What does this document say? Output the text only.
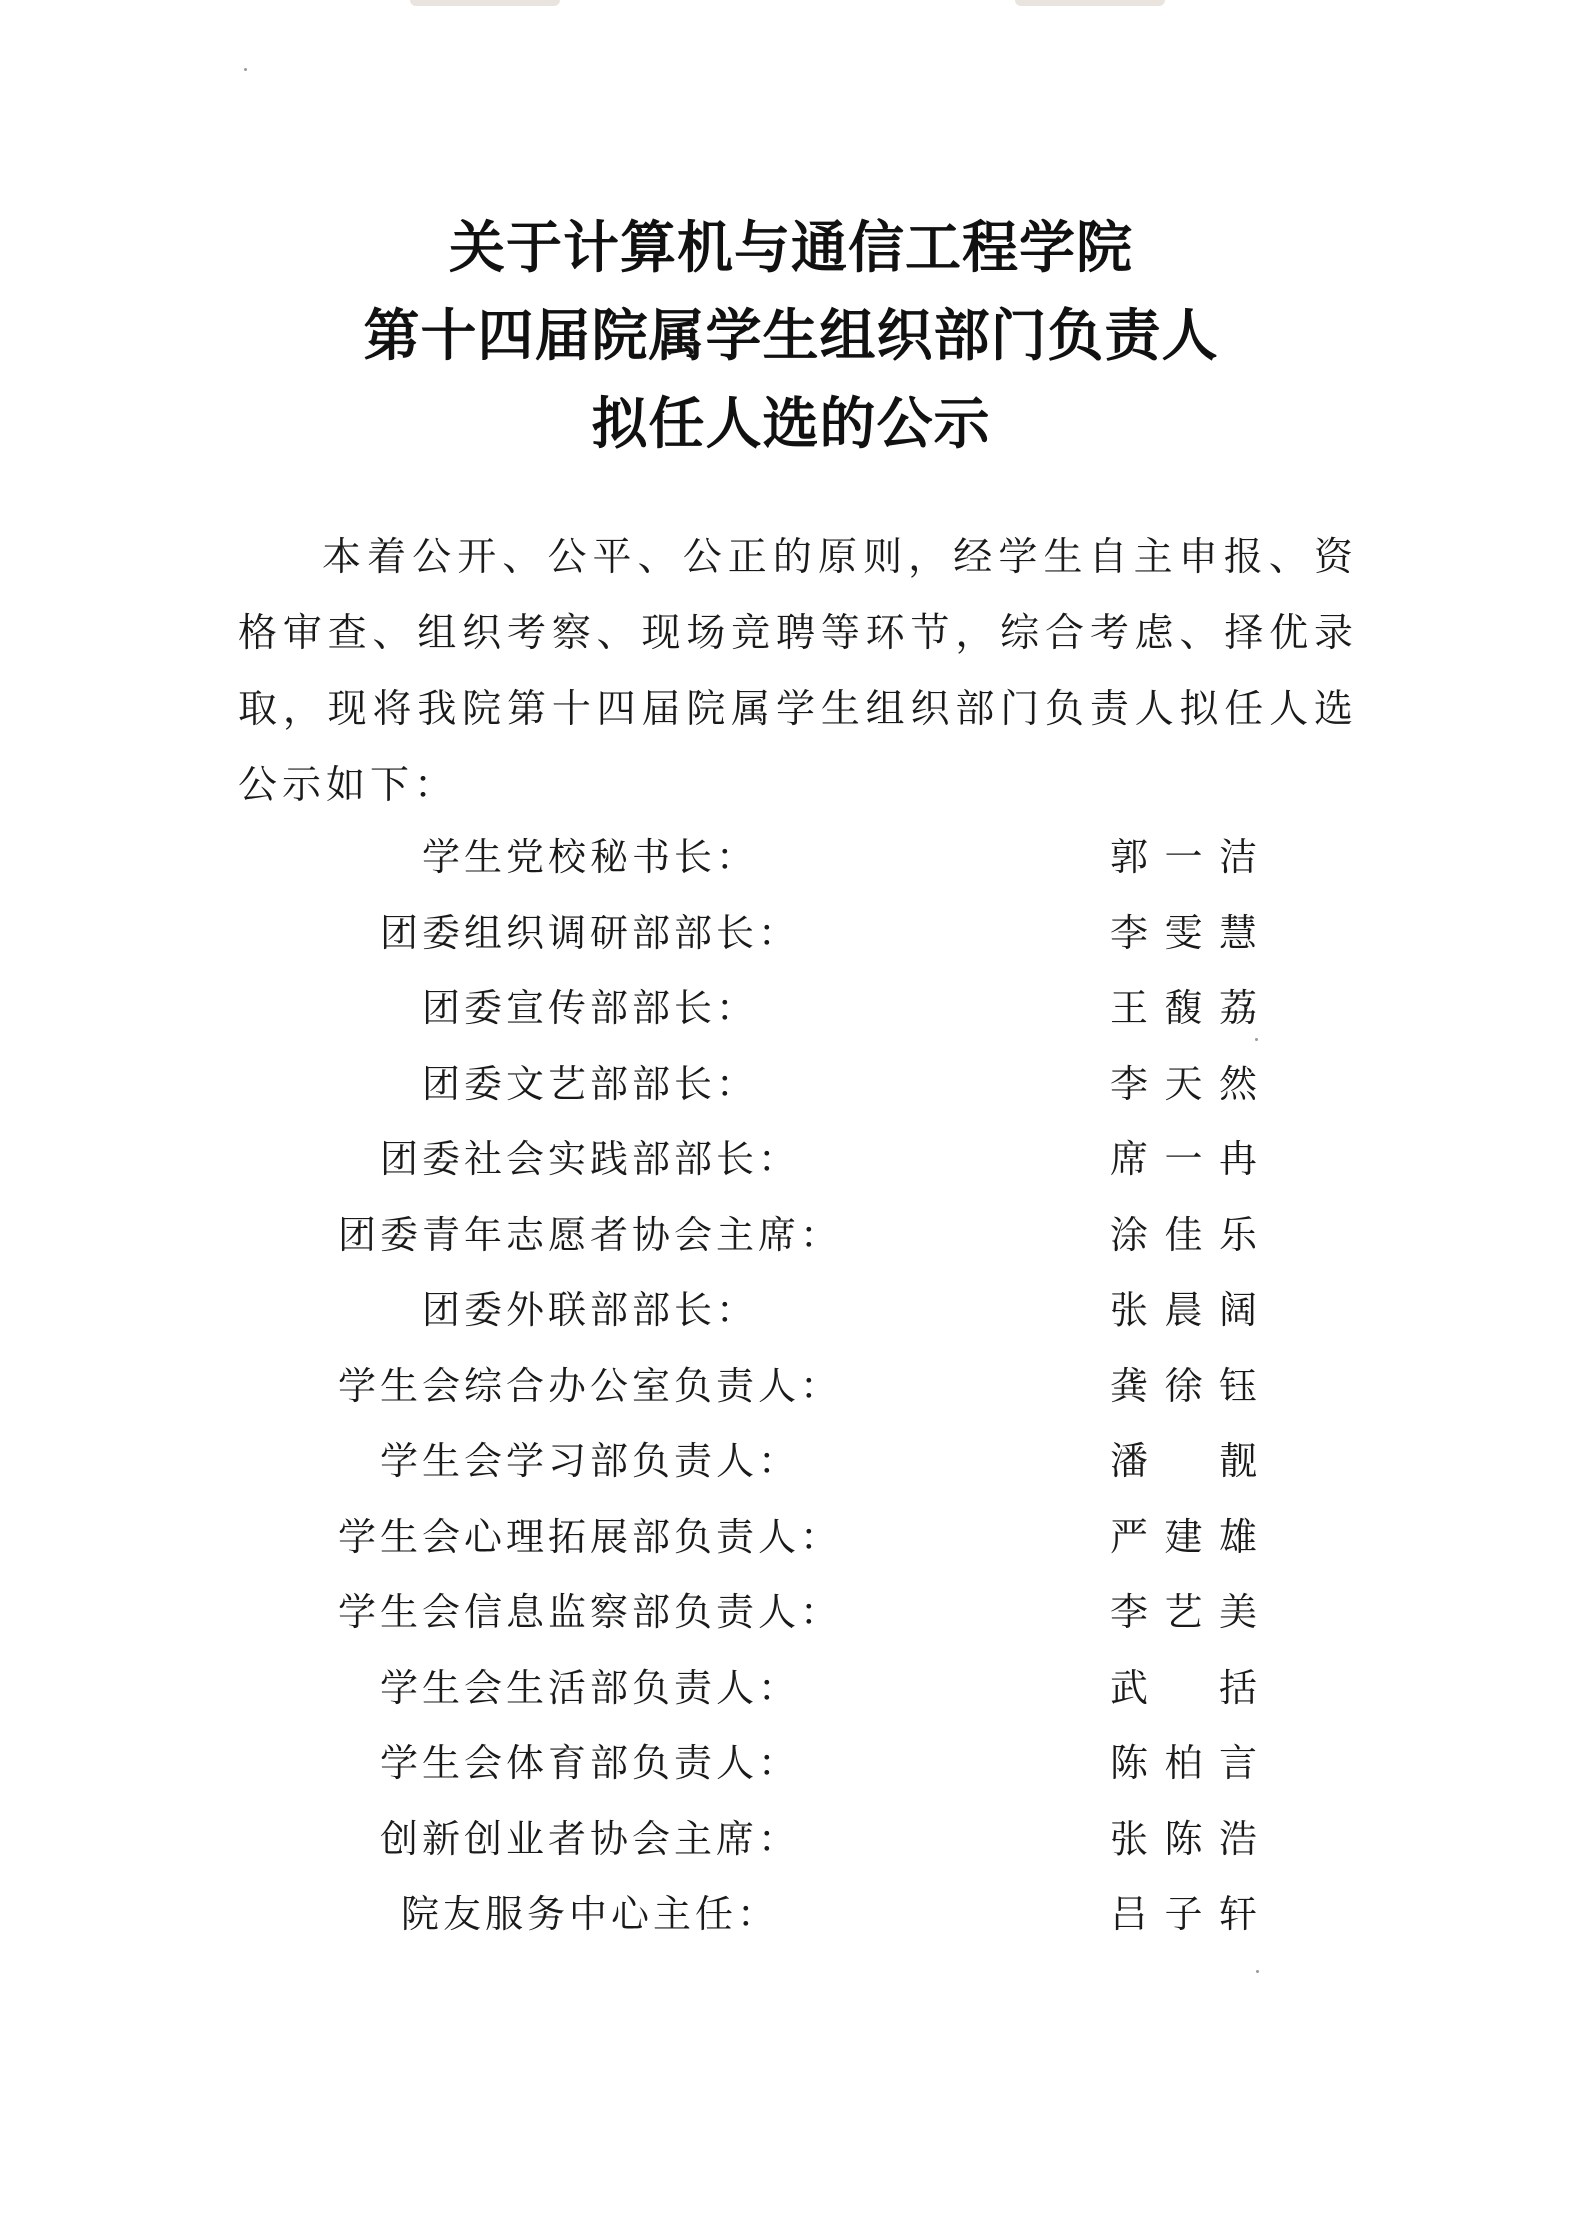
关于计算机与通信工程学院
第十四届院属学生组织部门负责人
拟任人选的公示
本着公开、公平、公正的原则，经学生自主申报、资格审查、组织考察、现场竞聘等环节，综合考虑、择优录取，现将我院第十四届院属学生组织部门负责人拟任人选公示如下：
学生党校秘书长：	郭一洁
团委组织调研部部长：	李雯慧
团委宣传部部长：	王馥荔
团委文艺部部长：	李天然
团委社会实践部部长：	席一冉
团委青年志愿者协会主席：	涂佳乐
团委外联部部长：	张晨阔
学生会综合办公室负责人：	龚徐钰
学生会学习部负责人：	潘靓
学生会心理拓展部负责人：	严建雄
学生会信息监察部负责人：	李艺美
学生会生活部负责人：	武括
学生会体育部负责人：	陈柏言
创新创业者协会主席：	张陈浩
院友服务中心主任：	吕子轩
